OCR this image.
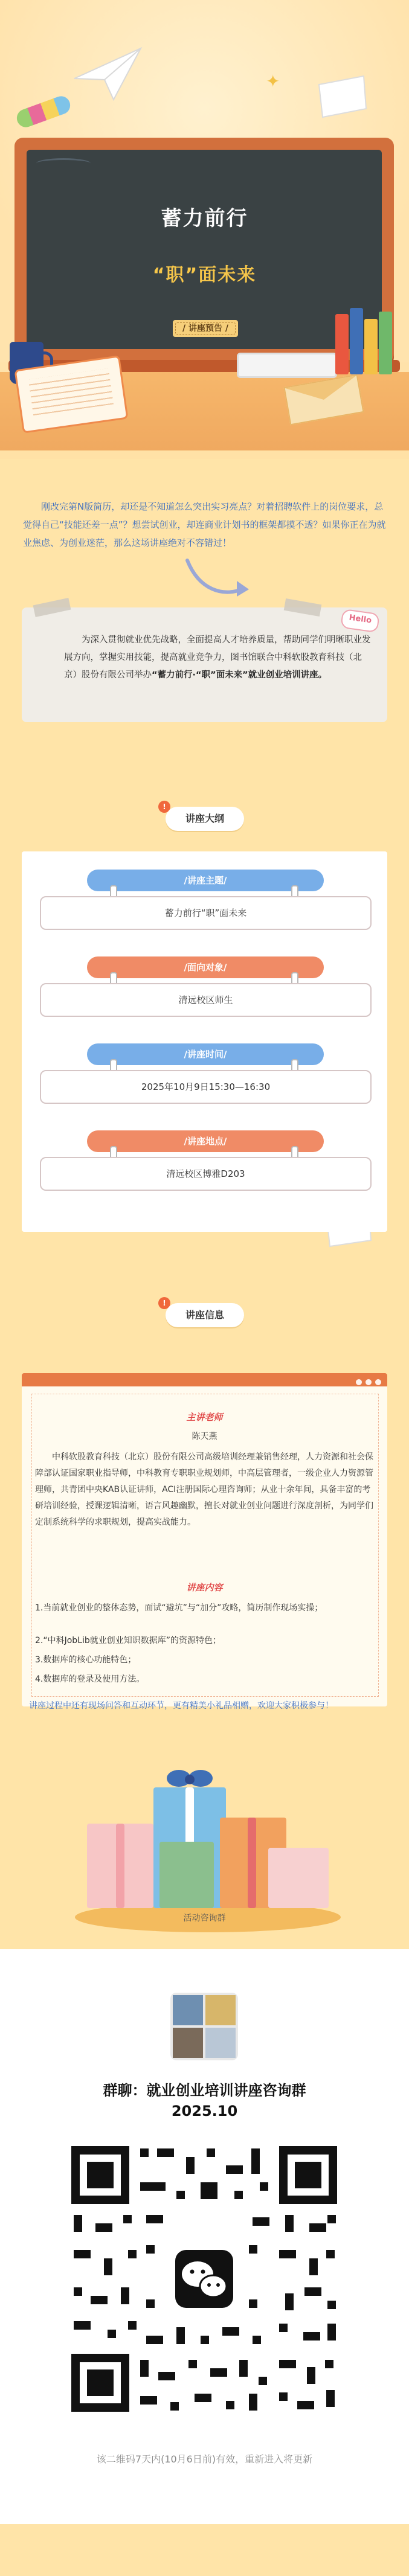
✦
蓄力前行
“职”面未来
/ 讲座预告 /
刚改完第N版简历，却还是不知道怎么突出实习亮点？对着招聘软件上的岗位要求，总觉得自己“技能还差一点”？想尝试创业，却连商业计划书的框架都摸不透？如果你正在为就业焦虑、为创业迷茫，那么这场讲座绝对不容错过！
Hello
为深入贯彻就业优先战略，全面提高人才培养质量，帮助同学们明晰职业发展方向，掌握实用技能，提高就业竞争力，图书馆联合中科软股教育科技（北京）股份有限公司举办“蓄力前行·“职”面未来”就业创业培训讲座。
!
讲座大纲
/讲座主题/
蓄力前行“职”面未来
/面向对象/
清远校区师生
/讲座时间/
2025年10月9日15:30—16:30
/讲座地点/
清远校区博雅D203
!
讲座信息
主讲老师
陈天燕
中科软股教育科技（北京）股份有限公司高级培训经理兼销售经理，人力资源和社会保障部认证国家职业指导师，中科教育专职职业规划师，中高层管理者，一级企业人力资源管理师，共青团中央KAB认证讲师，ACI注册国际心理咨询师；从业十余年间，具备丰富的考研培训经验，授课逻辑清晰，语言风趣幽默，擅长对就业创业问题进行深度剖析，为同学们定制系统科学的求职规划，提高实战能力。
讲座内容
1.当前就业创业的整体态势，面试“避坑”与“加分”攻略，简历制作现场实操；
2.“中科JobLib就业创业知识数据库”的资源特色；
3.数据库的核心功能特色；
4.数据库的登录及使用方法。
讲座过程中还有现场问答和互动环节，更有精美小礼品相赠，欢迎大家积极参与！
活动咨询群
群聊：就业创业培训讲座咨询群
2025.10
该二维码7天内(10月6日前)有效，重新进入将更新
